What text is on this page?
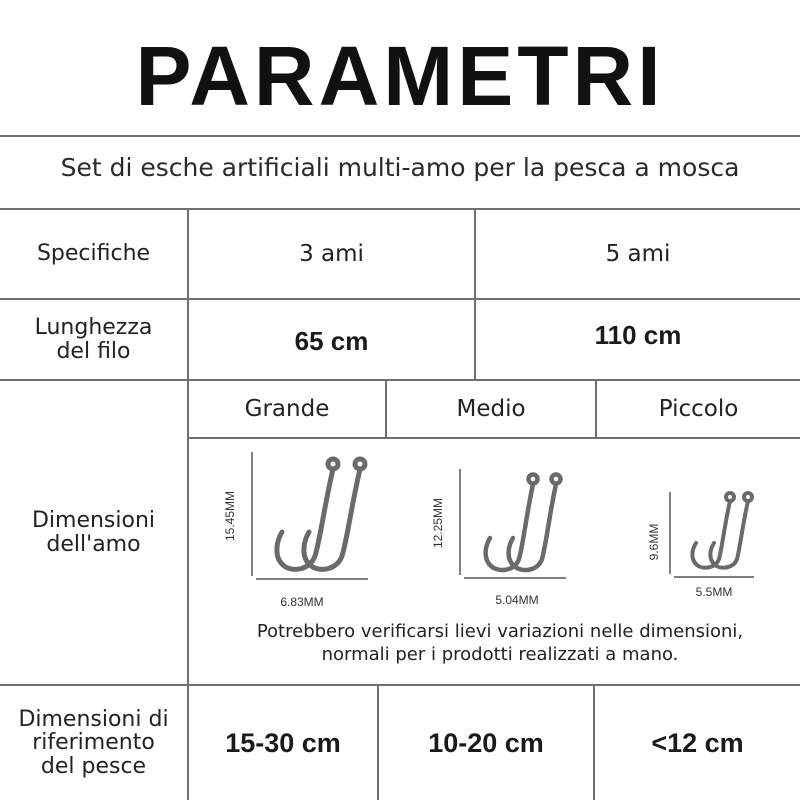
PARAMETRI
Set di esche artificiali multi-amo per la pesca a mosca
Specifiche	3 ami	5 ami
Lunghezza
del filo	65 cm	110 cm
Dimensioni
dell'amo
Grande	Medio	Piccolo
15.45MM
6.83MM
12.25MM
5.04MM
9.6MM
5.5MM
Potrebbero verificarsi lievi variazioni nelle dimensioni,
normali per i prodotti realizzati a mano.
Dimensioni di
riferimento
del pesce
15-30 cm	10-20 cm	<12 cm
